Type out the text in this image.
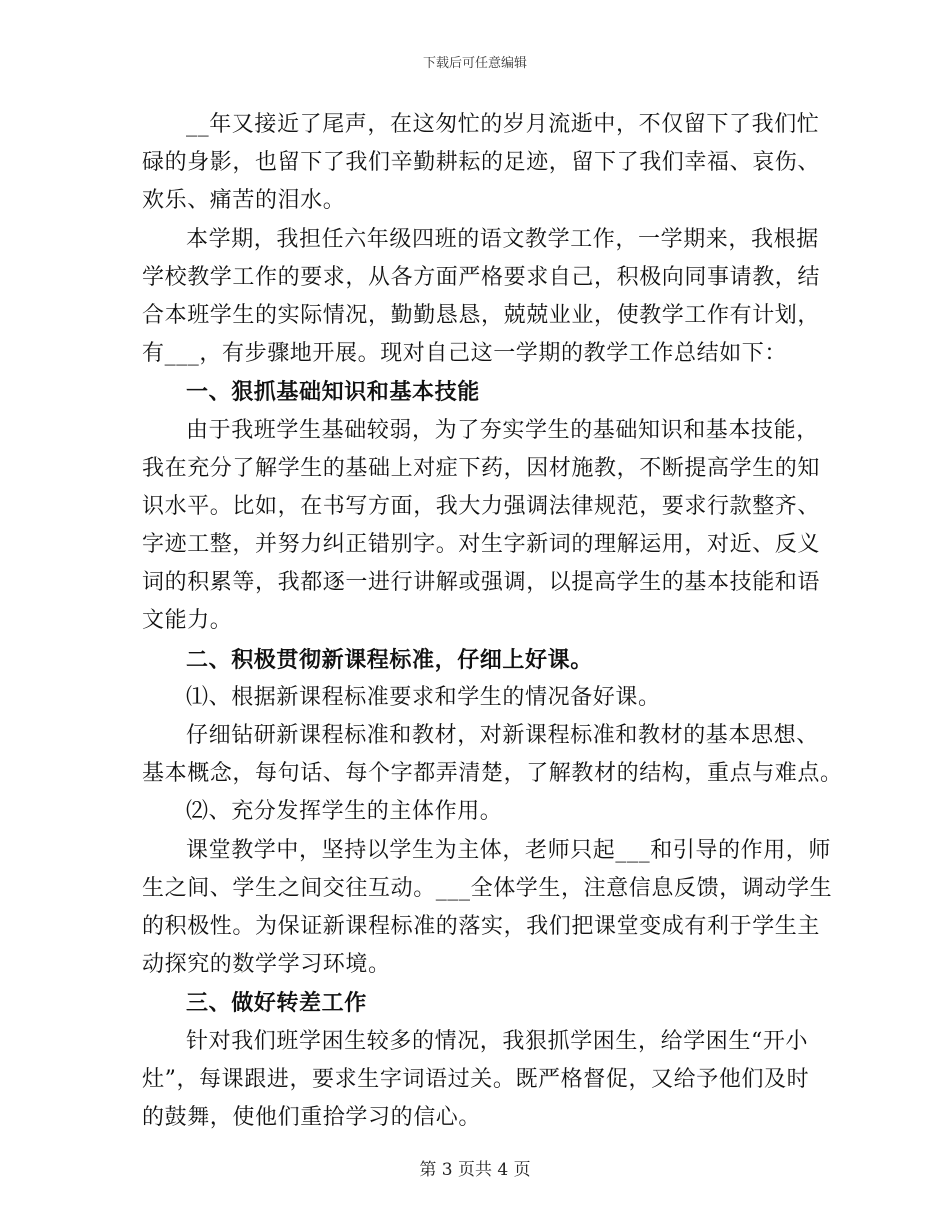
下载后可任意编辑
__年又接近了尾声，在这匆忙的岁月流逝中，不仅留下了我们忙
碌的身影，也留下了我们辛勤耕耘的足迹，留下了我们幸福、哀伤、
欢乐、痛苦的泪水。
本学期，我担任六年级四班的语文教学工作，一学期来，我根据
学校教学工作的要求，从各方面严格要求自己，积极向同事请教，结
合本班学生的实际情况，勤勤恳恳，兢兢业业，使教学工作有计划，
有___，有步骤地开展。现对自己这一学期的教学工作总结如下：
一、狠抓基础知识和基本技能
由于我班学生基础较弱，为了夯实学生的基础知识和基本技能，
我在充分了解学生的基础上对症下药，因材施教，不断提高学生的知
识水平。比如，在书写方面，我大力强调法律规范，要求行款整齐、
字迹工整，并努力纠正错别字。对生字新词的理解运用，对近、反义
词的积累等，我都逐一进行讲解或强调，以提高学生的基本技能和语
文能力。
二、积极贯彻新课程标准，仔细上好课。
⑴、根据新课程标准要求和学生的情况备好课。
仔细钻研新课程标准和教材，对新课程标准和教材的基本思想、
基本概念，每句话、每个字都弄清楚，了解教材的结构，重点与难点。
⑵、充分发挥学生的主体作用。
课堂教学中，坚持以学生为主体，老师只起___和引导的作用，师
生之间、学生之间交往互动。___全体学生，注意信息反馈，调动学生
的积极性。为保证新课程标准的落实，我们把课堂变成有利于学生主
动探究的数学学习环境。
三、做好转差工作
针对我们班学困生较多的情况，我狠抓学困生，给学困生“开小
灶”，每课跟进，要求生字词语过关。既严格督促，又给予他们及时
的鼓舞，使他们重拾学习的信心。
第 3 页共 4 页
